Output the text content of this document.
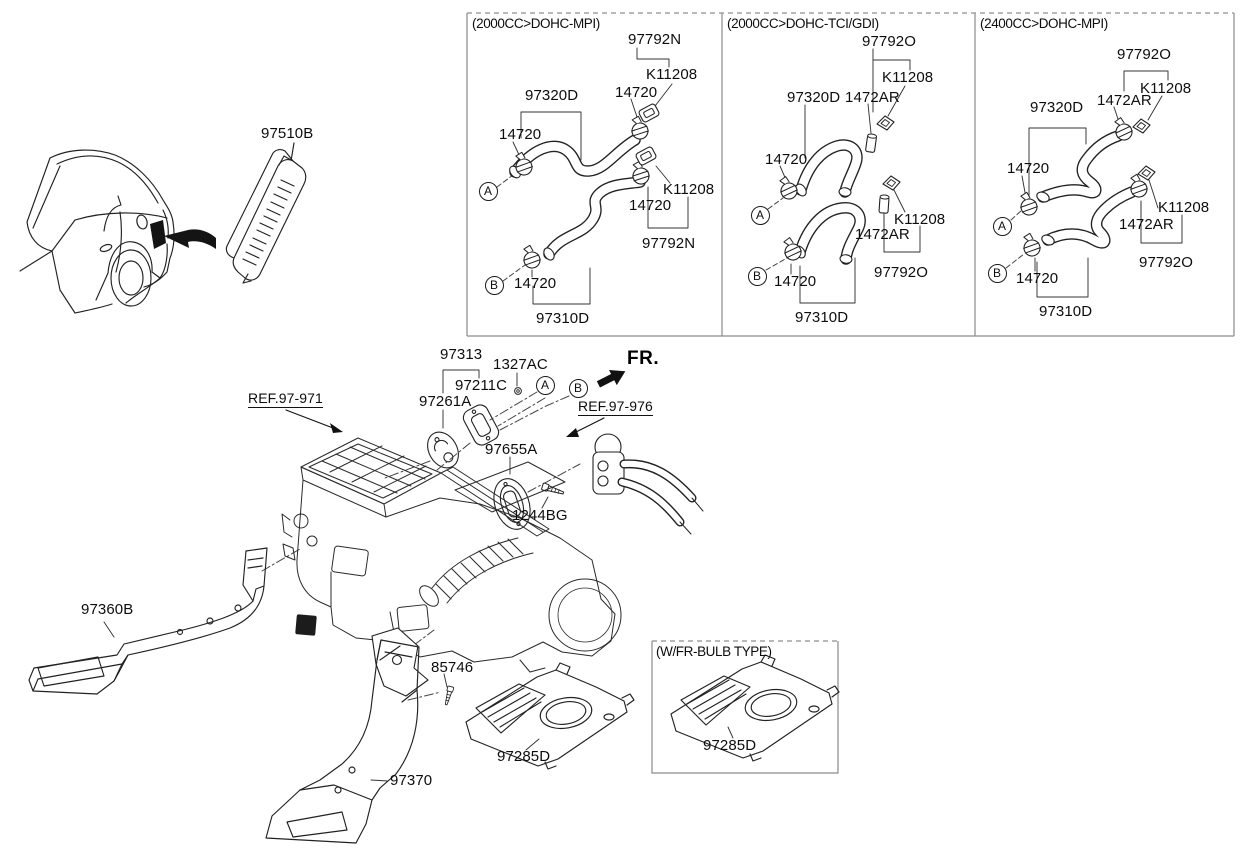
(2000CC>DOHC-MPI)	(2000CC>DOHC-TCI/GDI)	(2400CC>DOHC-MPI)
(W/FR-BULB TYPE)
FR.
97510B
97313
1327AC
97211C
97261A
REF.97-971	REF.97-976
97655A
1244BG
97360B
85746
97370
97285D
97285D
97792N
K11208
14720
97320D
14720
K11208
14720
97792N
14720
97310D
97792O
K11208
97320D 1472AR
14720
K11208
1472AR
97792O
14720
97310D
97792O
K11208
1472AR
97320D
14720
K11208
1472AR
97792O
14720
97310D
A
B
A
B
A
B
A	B
